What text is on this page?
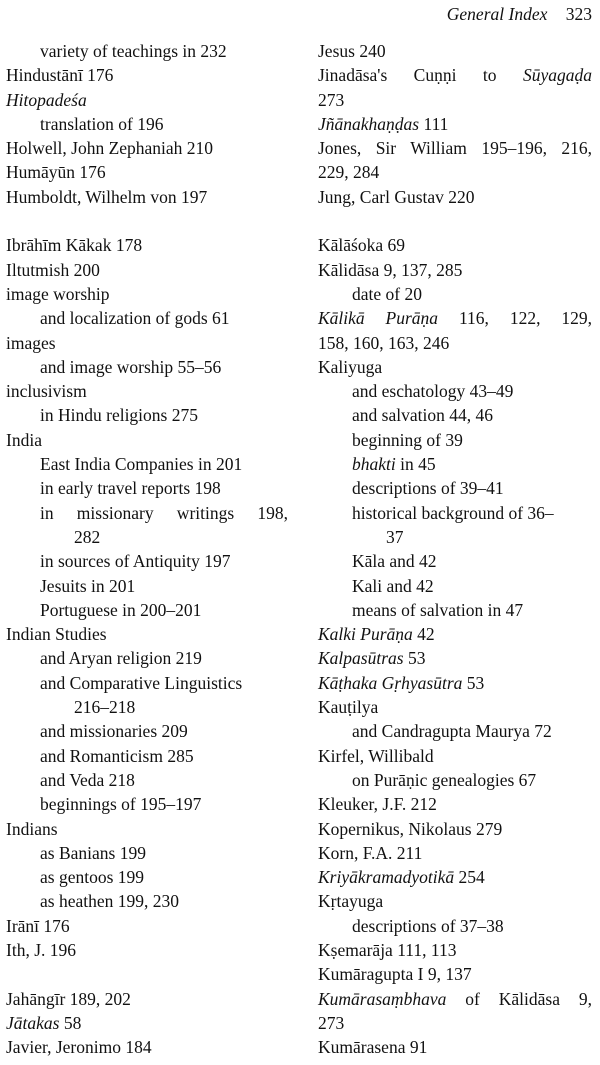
General Index 323
variety of teachings in 232
Hindustānī 176
Hitopadeśa
translation of 196
Holwell, John Zephaniah 210
Humāyūn 176
Humboldt, Wilhelm von 197
Ibrāhīm Kākak 178
Iltutmish 200
image worship
and localization of gods 61
images
and image worship 55–56
inclusivism
in Hindu religions 275
India
East India Companies in 201
in early travel reports 198
in missionary writings 198,
282
in sources of Antiquity 197
Jesuits in 201
Portuguese in 200–201
Indian Studies
and Aryan religion 219
and Comparative Linguistics
216–218
and missionaries 209
and Romanticism 285
and Veda 218
beginnings of 195–197
Indians
as Banians 199
as gentoos 199
as heathen 199, 230
Irānī 176
Ith, J. 196
Jahāngīr 189, 202
Jātakas 58
Javier, Jeronimo 184
Jesus 240
Jinadāsa's Cuṇṇi to Sūyagaḍa
273
Jñānakhaṇḍas 111
Jones, Sir William 195–196, 216,
229, 284
Jung, Carl Gustav 220
Kālāśoka 69
Kālidāsa 9, 137, 285
date of 20
Kālikā Purāṇa 116, 122, 129,
158, 160, 163, 246
Kaliyuga
and eschatology 43–49
and salvation 44, 46
beginning of 39
bhakti in 45
descriptions of 39–41
historical background of 36–
37
Kāla and 42
Kali and 42
means of salvation in 47
Kalki Purāṇa 42
Kalpasūtras 53
Kāṭhaka Gṛhyasūtra 53
Kauṭilya
and Candragupta Maurya 72
Kirfel, Willibald
on Purāṇic genealogies 67
Kleuker, J.F. 212
Kopernikus, Nikolaus 279
Korn, F.A. 211
Kriyākramadyotikā 254
Kṛtayuga
descriptions of 37–38
Kṣemarāja 111, 113
Kumāragupta I 9, 137
Kumārasaṃbhava of Kālidāsa 9,
273
Kumārasena 91
